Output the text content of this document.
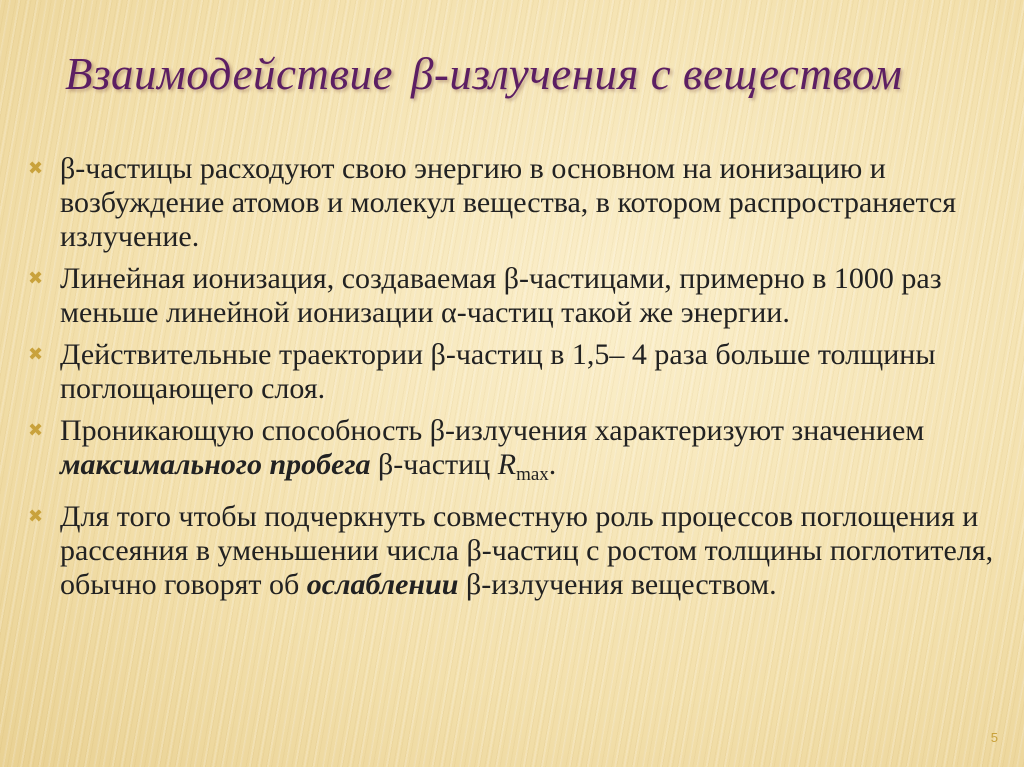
Взаимодействие β-излучения с веществом
✖ β-частицы расходуют свою энергию в основном на ионизацию и возбуждение атомов и молекул вещества, в котором распространяется излучение.
✖ Линейная ионизация, создаваемая β-частицами, примерно в 1000 раз меньше линейной ионизации α-частиц такой же энергии.
✖ Действительные траектории β-частиц в 1,5– 4 раза больше толщины поглощающего слоя.
✖ Проникающую способность β-излучения характеризуют значением максимального пробега β-частиц $R_{max}$.
✖ Для того чтобы подчеркнуть совместную роль процессов поглощения и рассеяния в уменьшении числа β-частиц с ростом толщины поглотителя, обычно говорят об ослаблении β-излучения веществом.
5
